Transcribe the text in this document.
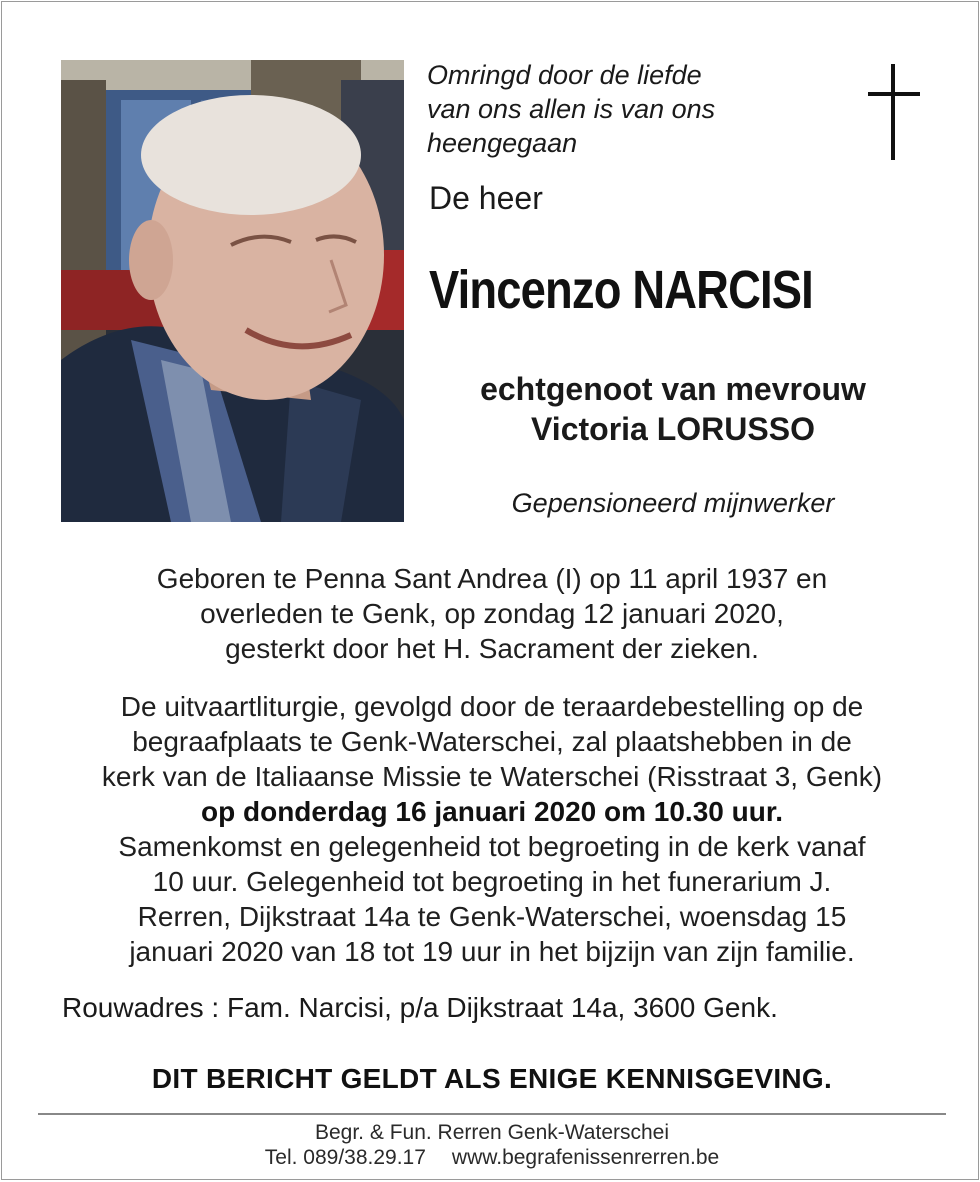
Omringd door de liefde
van ons allen is van ons
heengegaan
De heer
Vincenzo NARCISI
echtgenoot van mevrouw
Victoria LORUSSO
Gepensioneerd mijnwerker
Geboren te Penna Sant Andrea (I) op 11 april 1937 en
overleden te Genk, op zondag 12 januari 2020,
gesterkt door het H. Sacrament der zieken.
De uitvaartliturgie, gevolgd door de teraardebestelling op de
begraafplaats te Genk-Waterschei, zal plaatshebben in de
kerk van de Italiaanse Missie te Waterschei (Risstraat 3, Genk)
op donderdag 16 januari 2020 om 10.30 uur.
Samenkomst en gelegenheid tot begroeting in de kerk vanaf
10 uur. Gelegenheid tot begroeting in het funerarium J.
Rerren, Dijkstraat 14a te Genk-Waterschei, woensdag 15
januari 2020 van 18 tot 19 uur in het bijzijn van zijn familie.
Rouwadres : Fam. Narcisi, p/a Dijkstraat 14a, 3600 Genk.
DIT BERICHT GELDT ALS ENIGE KENNISGEVING.
Begr. & Fun. Rerren Genk-Waterschei
Tel. 089/38.29.17 www.begrafenissenrerren.be
